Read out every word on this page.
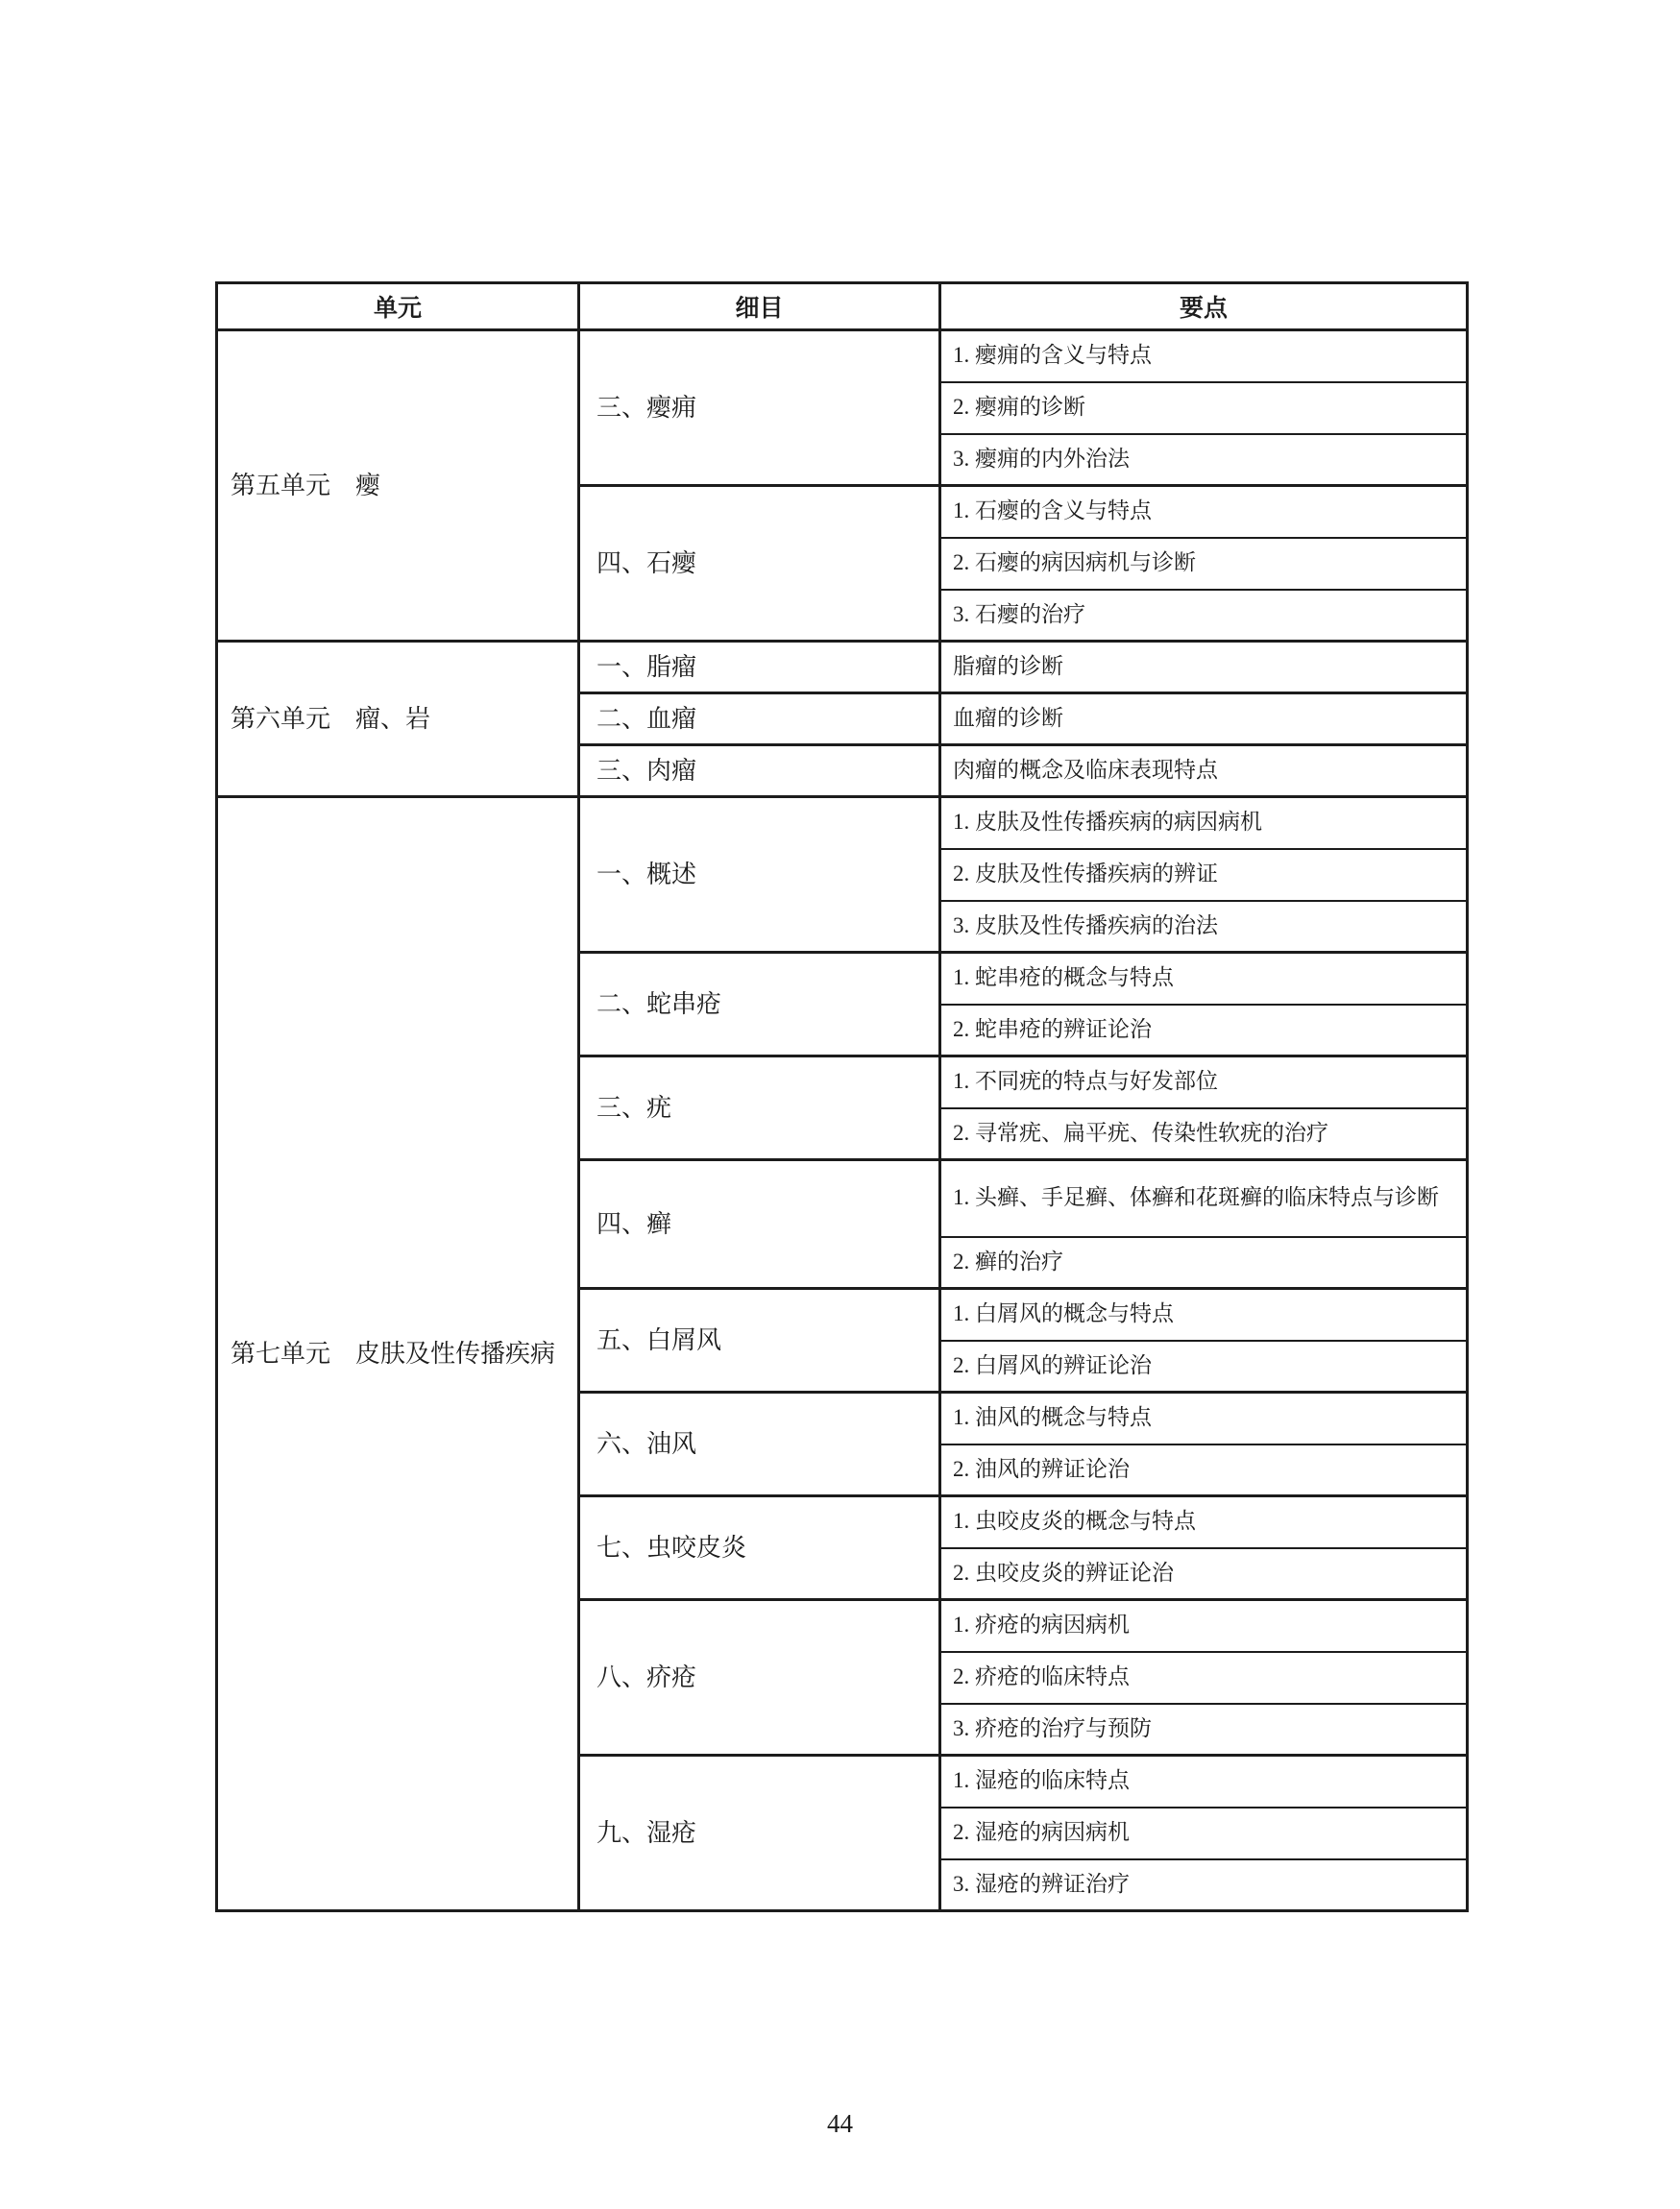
单元	细目	要点
第五单元　瘿	三、瘿痈	1. 瘿痈的含义与特点
		2. 瘿痈的诊断
		3. 瘿痈的内外治法
	四、石瘿	1. 石瘿的含义与特点
		2. 石瘿的病因病机与诊断
		3. 石瘿的治疗
第六单元　瘤、岩	一、脂瘤	脂瘤的诊断
	二、血瘤	血瘤的诊断
	三、肉瘤	肉瘤的概念及临床表现特点
第七单元　皮肤及性传播疾病	一、概述	1. 皮肤及性传播疾病的病因病机
		2. 皮肤及性传播疾病的辨证
		3. 皮肤及性传播疾病的治法
	二、蛇串疮	1. 蛇串疮的概念与特点
		2. 蛇串疮的辨证论治
	三、疣	1. 不同疣的特点与好发部位
		2. 寻常疣、扁平疣、传染性软疣的治疗
	四、癣	1. 头癣、手足癣、体癣和花斑癣的临床特点与诊断
		2. 癣的治疗
	五、白屑风	1. 白屑风的概念与特点
		2. 白屑风的辨证论治
	六、油风	1. 油风的概念与特点
		2. 油风的辨证论治
	七、虫咬皮炎	1. 虫咬皮炎的概念与特点
		2. 虫咬皮炎的辨证论治
	八、疥疮	1. 疥疮的病因病机
		2. 疥疮的临床特点
		3. 疥疮的治疗与预防
	九、湿疮	1. 湿疮的临床特点
		2. 湿疮的病因病机
		3. 湿疮的辨证治疗
44
